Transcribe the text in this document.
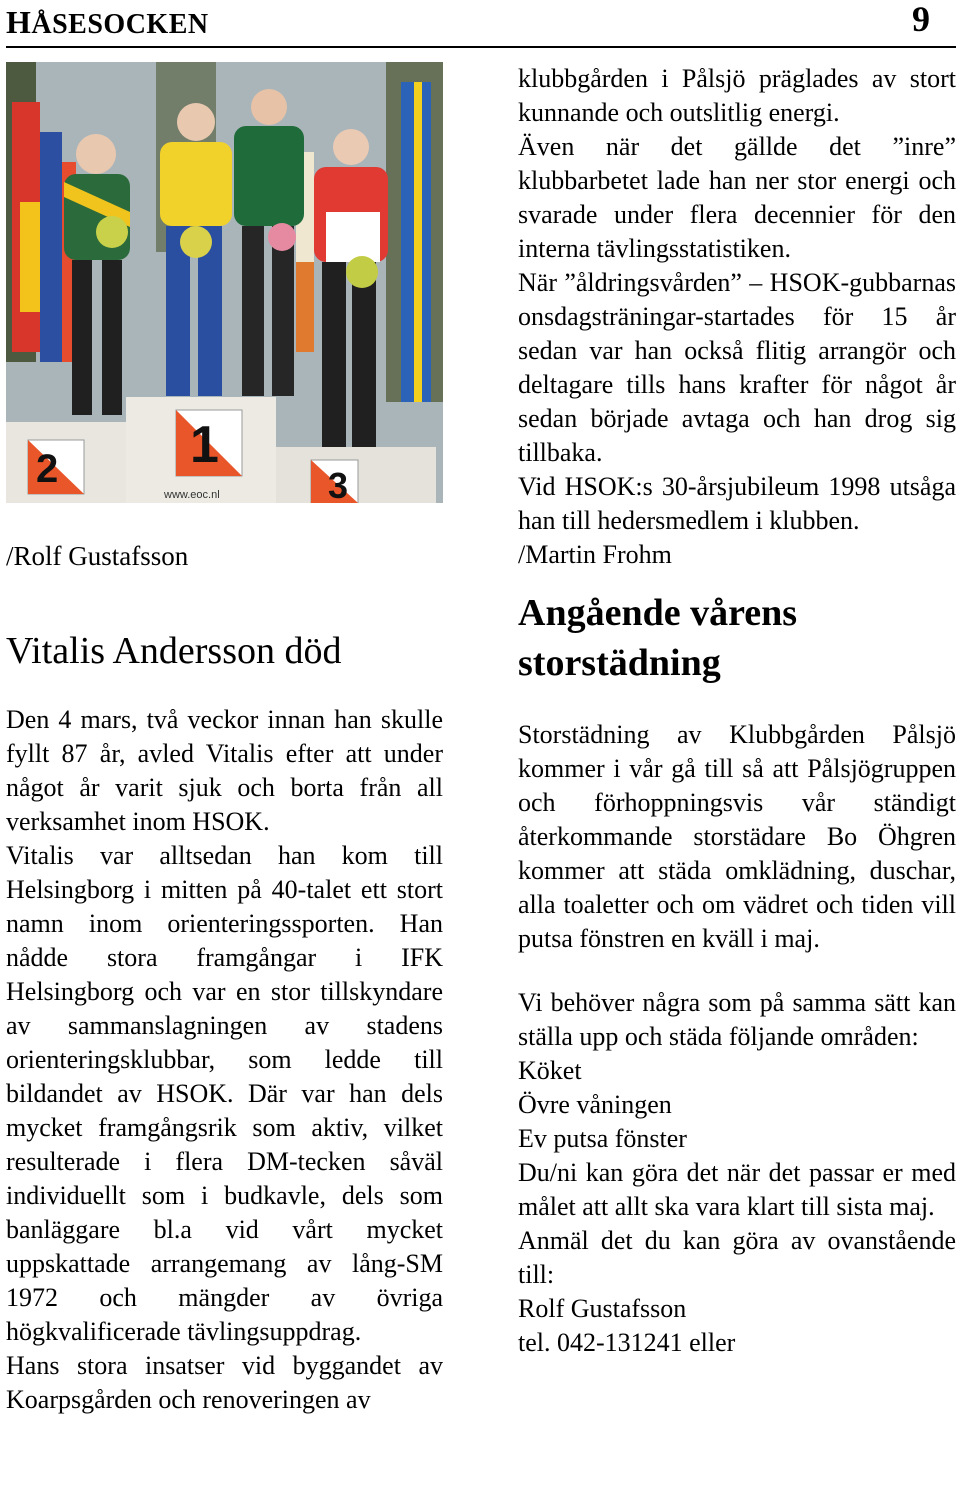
HÅSESOCKEN	9
2	1
3
www.eoc.nl
/Rolf Gustafsson
Vitalis Andersson död

Den 4 mars, två veckor innan han skulle fyllt 87 år, avled Vitalis efter att under något år varit sjuk och borta från all verksamhet inom HSOK.

Vitalis var alltsedan han kom till Helsingborg i mitten på 40-talet ett stort namn inom orienteringssporten. Han nådde stora framgångar i IFK Helsingborg och var en stor tillskyndare av sammanslagningen av stadens orienteringsklubbar, som ledde till bildandet av HSOK. Där var han dels mycket framgångsrik som aktiv, vilket resulterade i flera DM-tecken såväl individuellt som i budkavle, dels som banläggare bl.a vid vårt mycket uppskattade arrangemang av lång-SM 1972 och mängder av övriga högkvalificerade tävlingsuppdrag.

Hans stora insatser vid byggandet av Koarpsgården och renoveringen av

klubbgården i Pålsjö präglades av stort kunnande och outslitlig energi.

Även när det gällde det ”inre” klubbarbetet lade han ner stor energi och svarade under flera decennier för den interna tävlingsstatistiken.

När ”åldringsvården” – HSOK-gubbarnas onsdagsträningar-startades för 15 år sedan var han också flitig arrangör och deltagare tills hans krafter för något år sedan började avtaga och han drog sig tillbaka.

Vid HSOK:s 30-årsjubileum 1998 utsåga han till hedersmedlem i klubben.

/Martin Frohm
Angående vårens storstädning

Storstädning av Klubbgården Pålsjö kommer i vår gå till så att Pålsjögruppen och förhoppningsvis vår ständigt återkommande storstädare Bo Öhgren kommer att städa omklädning, duschar, alla toaletter och om vädret och tiden vill putsa fönstren en kväll i maj.

Vi behöver några som på samma sätt kan ställa upp och städa följande områden:

Köket
Övre våningen
Ev putsa fönster

Du/ni kan göra det när det passar er med målet att allt ska vara klart till sista maj.

Anmäl det du kan göra av ovanstående till:

Rolf Gustafsson
tel. 042-131241 eller
